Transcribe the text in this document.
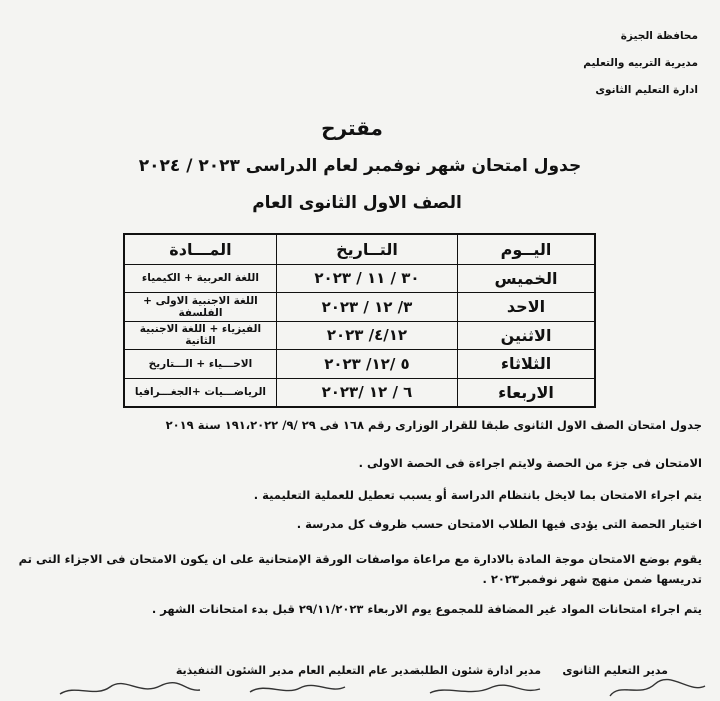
محافظة الجيزة
مديرية التربيه والتعليم
ادارة التعليم الثانوى
مقترح
جدول امتحان شهر نوفمبر لعام الدراسى ٢٠٢٣ / ٢٠٢٤
الصف الاول الثانوى العام
اليــوم	التــاريخ	المـــادة
الخميس	٣٠ / ١١ / ٢٠٢٣	اللغة العربية + الكيمياء
الاحد	٣/ ١٢ / ٢٠٢٣	اللغة الاجنبية الاولى + الفلسفة
الاثنين	٤/١٢/ ٢٠٢٣	الفيزياء + اللغة الاجنبية الثانية
الثلاثاء	٥ /١٢/ ٢٠٢٣	الاحـــياء + الـــتاريخ
الاربعاء	٦ / ١٢ /٢٠٢٣	الرياضـــيات +الجغـــرافيا
جدول امتحان الصف الاول الثانوى طبقا للقرار الوزارى رقم ١٦٨ فى ٢٩ /٩/ ١٩١،٢٠٢٢ سنة ٢٠١٩
الامتحان فى جزء من الحصة ولايتم اجراءة فى الحصة الاولى .
يتم اجراء الامتحان بما لايخل بانتظام الدراسة أو يسبب تعطيل للعملية التعليمية .
اختيار الحصة التى يؤدى فيها الطلاب الامتحان حسب ظروف كل مدرسة .
يقوم بوضع الامتحان موجة المادة بالادارة مع مراعاة مواصفات الورقة الإمتحانية على ان يكون الامتحان فى الاجزاء التى تم تدريسها ضمن منهج شهر نوفمبر٢٠٢٣ .
يتم اجراء امتحانات المواد غير المضافة للمجموع يوم الاربعاء ٢٩/١١/٢٠٢٣ قبل بدء امتحانات الشهر .
مدير التعليم الثانوى
مدير ادارة شئون الطلبة
مدير عام التعليم العام
مدير الشئون التنفيذية
